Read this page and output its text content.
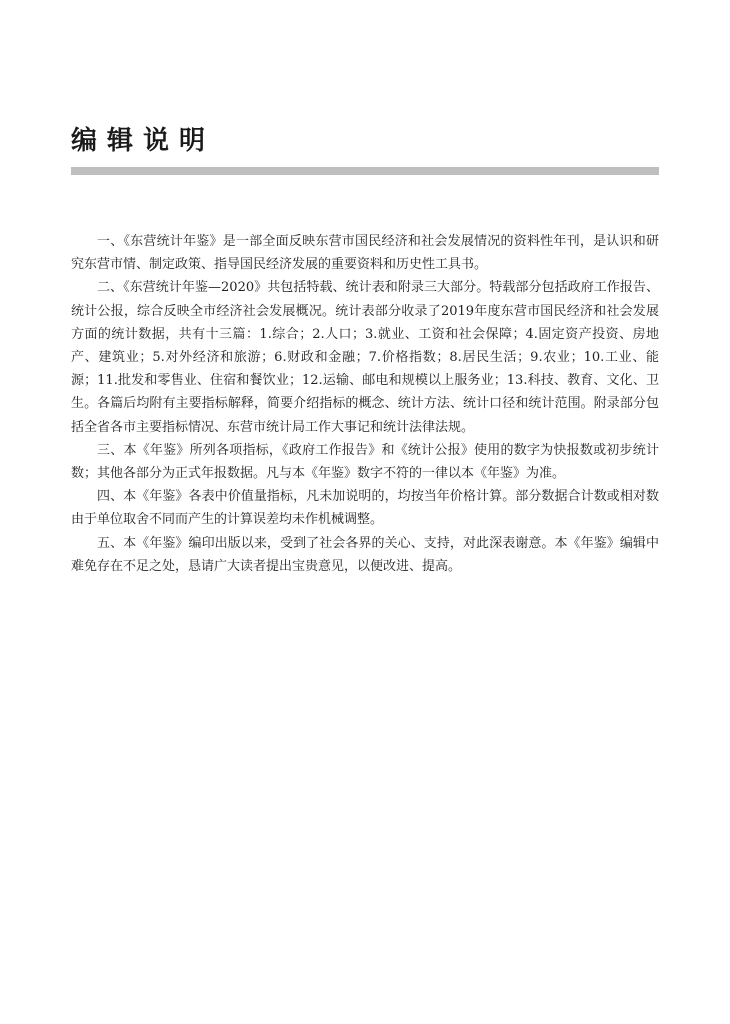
编辑说明

一、《东营统计年鉴》是一部全面反映东营市国民经济和社会发展情况的资料性年刊，是认识和研究东营市情、制定政策、指导国民经济发展的重要资料和历史性工具书。

二、《东营统计年鉴—2020》共包括特载、统计表和附录三大部分。特载部分包括政府工作报告、统计公报，综合反映全市经济社会发展概况。统计表部分收录了2019年度东营市国民经济和社会发展方面的统计数据，共有十三篇：1.综合；2.人口；3.就业、工资和社会保障；4.固定资产投资、房地产、建筑业；5.对外经济和旅游；6.财政和金融；7.价格指数；8.居民生活；9.农业；10.工业、能源；11.批发和零售业、住宿和餐饮业；12.运输、邮电和规模以上服务业；13.科技、教育、文化、卫生。各篇后均附有主要指标解释，简要介绍指标的概念、统计方法、统计口径和统计范围。附录部分包括全省各市主要指标情况、东营市统计局工作大事记和统计法律法规。

三、本《年鉴》所列各项指标，《政府工作报告》和《统计公报》使用的数字为快报数或初步统计数；其他各部分为正式年报数据。凡与本《年鉴》数字不符的一律以本《年鉴》为准。

四、本《年鉴》各表中价值量指标，凡未加说明的，均按当年价格计算。部分数据合计数或相对数由于单位取舍不同而产生的计算误差均未作机械调整。

五、本《年鉴》编印出版以来，受到了社会各界的关心、支持，对此深表谢意。本《年鉴》编辑中难免存在不足之处，恳请广大读者提出宝贵意见，以便改进、提高。
